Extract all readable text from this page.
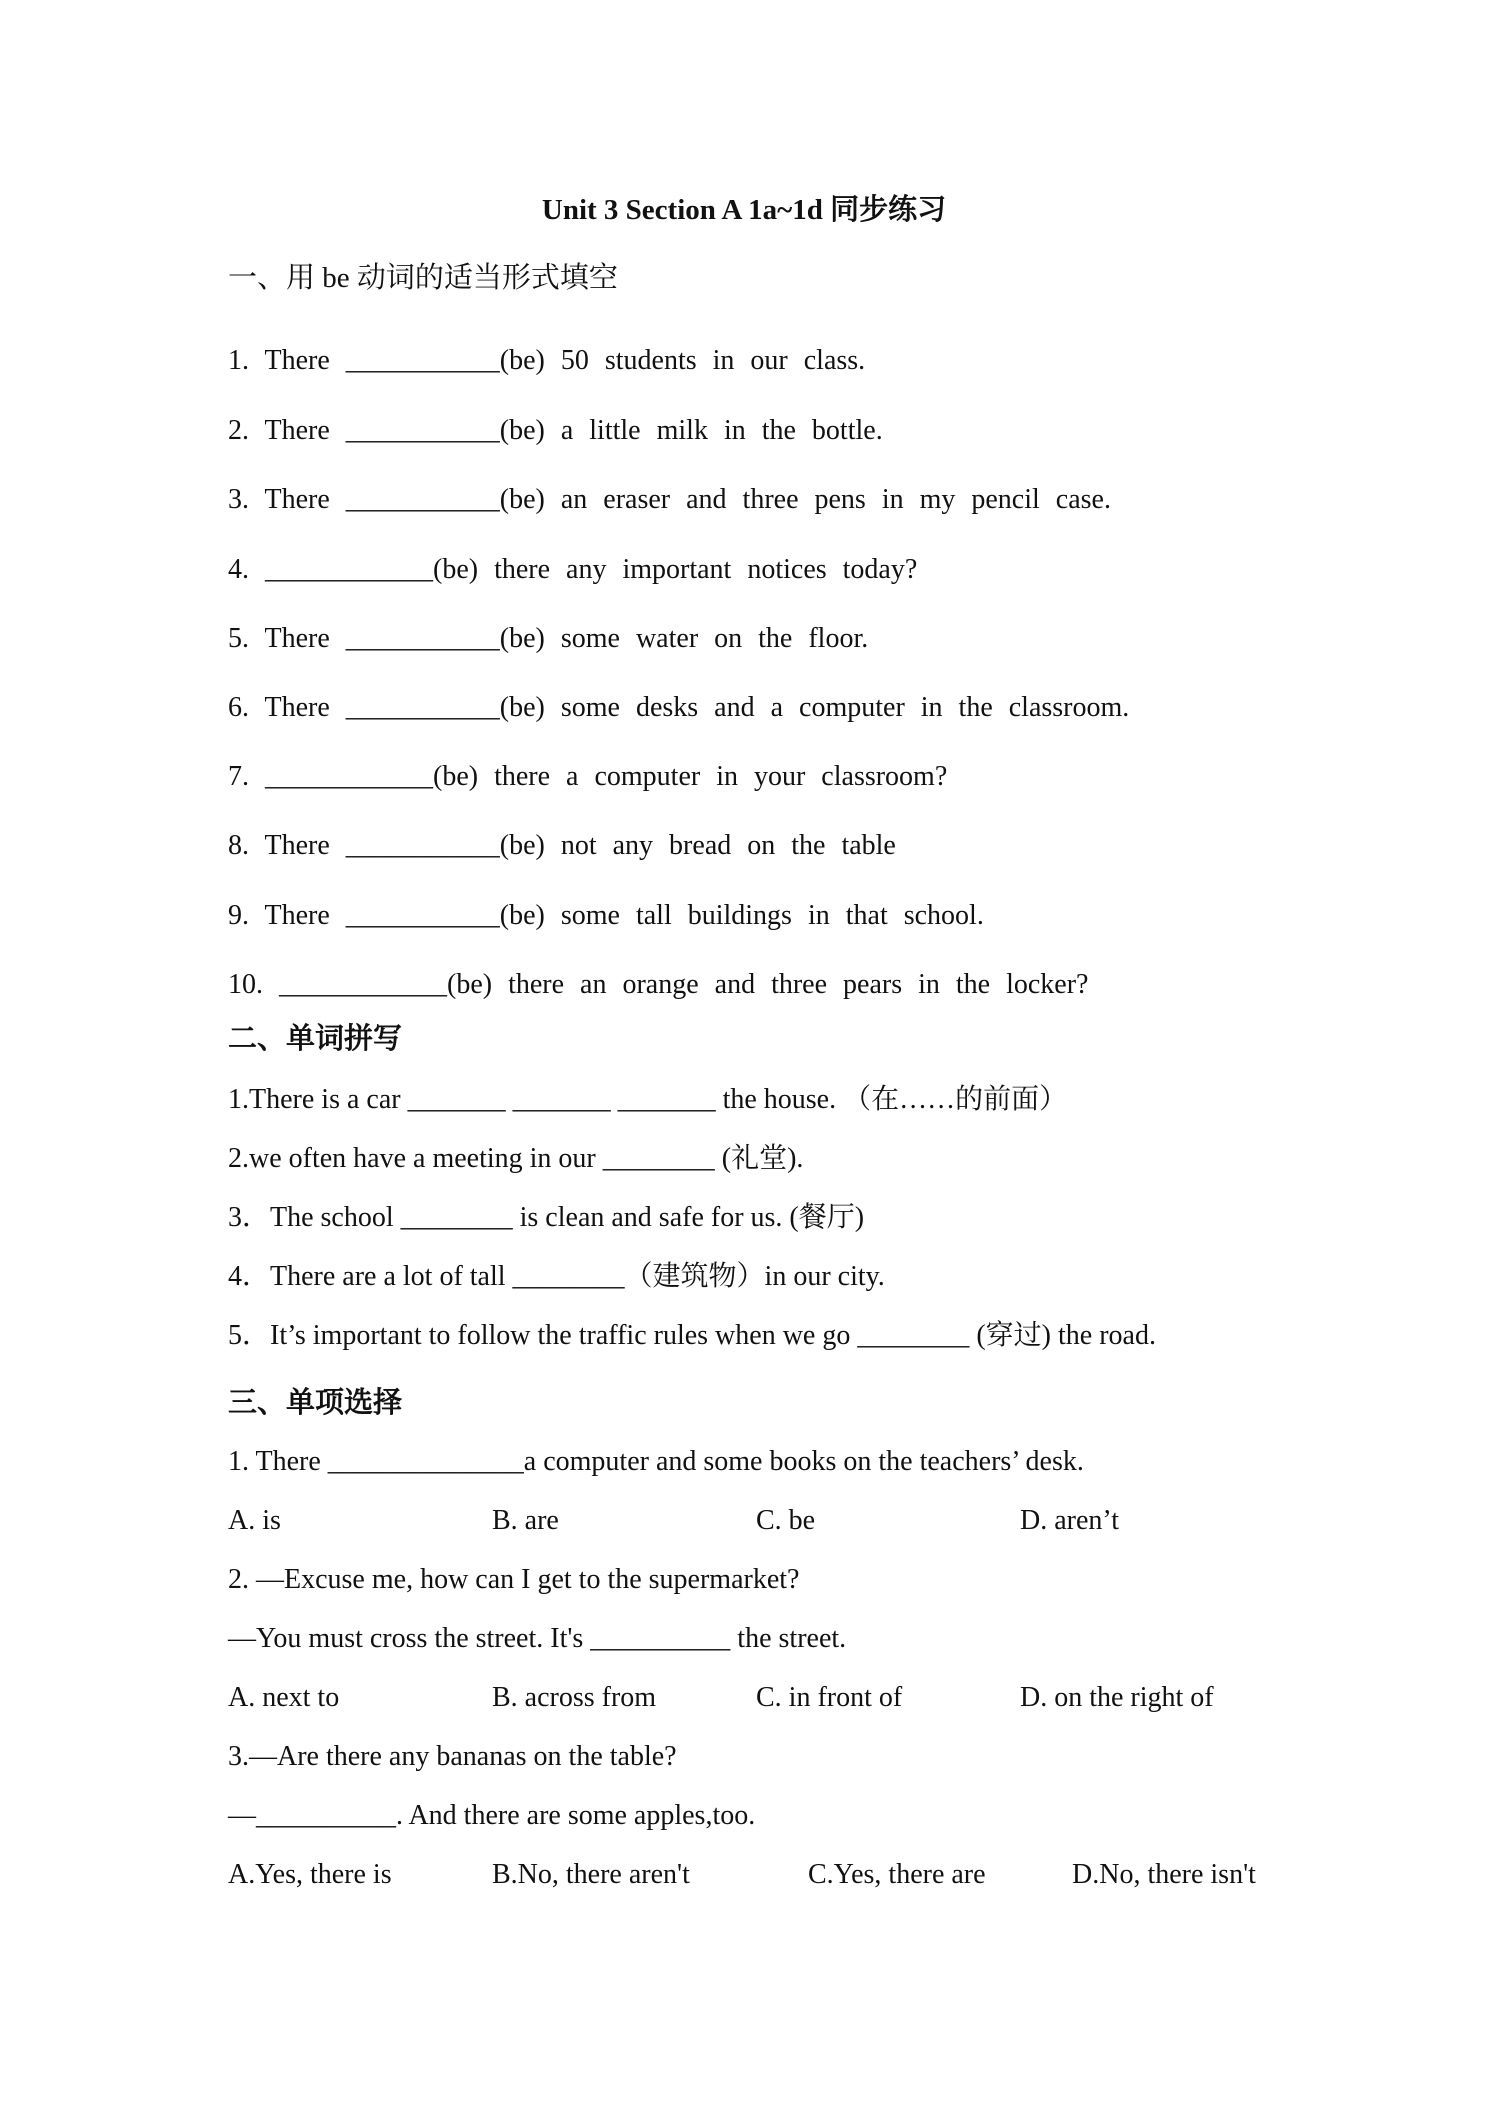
Unit 3 Section A 1a~1d 同步练习
一、用 be 动词的适当形式填空
1. There ___________(be) 50 students in our class.
2. There ___________(be) a little milk in the bottle.
3. There ___________(be) an eraser and three pens in my pencil case.
4. ____________(be) there any important notices today?
5. There ___________(be) some water on the floor.
6. There ___________(be) some desks and a computer in the classroom.
7. ____________(be) there a computer in your classroom?
8. There ___________(be) not any bread on the table
9. There ___________(be) some tall buildings in that school.
10. ____________(be) there an orange and three pears in the locker?
二、单词拼写
1.There is a car _______ _______ _______ the house. （在……的前面）
2.we often have a meeting in our ________ (礼堂).
3．The school ________ is clean and safe for us. (餐厅)
4．There are a lot of tall ________（建筑物）in our city.
5．It’s important to follow the traffic rules when we go ________ (穿过) the road.
三、单项选择
1. There ______________a computer and some books on the teachers’ desk.
A. is	B. are	C. be	D. aren’t
2. —Excuse me, how can I get to the supermarket?
—You must cross the street. It's __________ the street.
A. next to	B. across from	C. in front of	D. on the right of
3.—Are there any bananas on the table?
—__________. And there are some apples,too.
A.Yes, there is	B.No, there aren't	C.Yes, there are	D.No, there isn't
